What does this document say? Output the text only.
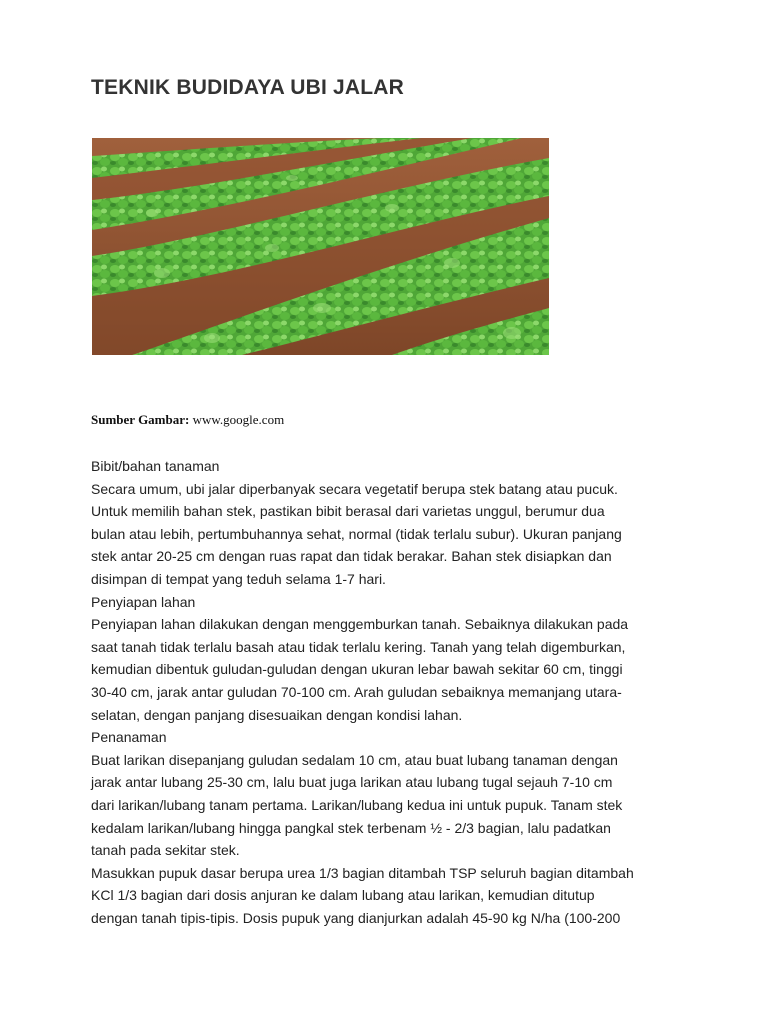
TEKNIK BUDIDAYA UBI JALAR
Sumber Gambar: www.google.com
Bibit/bahan tanaman
Secara umum, ubi jalar diperbanyak secara vegetatif berupa stek batang atau pucuk.
Untuk memilih bahan stek, pastikan bibit berasal dari varietas unggul, berumur dua
bulan atau lebih, pertumbuhannya sehat, normal (tidak terlalu subur). Ukuran panjang
stek antar 20-25 cm dengan ruas rapat dan tidak berakar. Bahan stek disiapkan dan
disimpan di tempat yang teduh selama 1-7 hari.
Penyiapan lahan
Penyiapan lahan dilakukan dengan menggemburkan tanah. Sebaiknya dilakukan pada
saat tanah tidak terlalu basah atau tidak terlalu kering. Tanah yang telah digemburkan,
kemudian dibentuk guludan-guludan dengan ukuran lebar bawah sekitar 60 cm, tinggi
30-40 cm, jarak antar guludan 70-100 cm. Arah guludan sebaiknya memanjang utara-
selatan, dengan panjang disesuaikan dengan kondisi lahan.
Penanaman
Buat larikan disepanjang guludan sedalam 10 cm, atau buat lubang tanaman dengan
jarak antar lubang 25-30 cm, lalu buat juga larikan atau lubang tugal sejauh 7-10 cm
dari larikan/lubang tanam pertama. Larikan/lubang kedua ini untuk pupuk. Tanam stek
kedalam larikan/lubang hingga pangkal stek terbenam ½ - 2/3 bagian, lalu padatkan
tanah pada sekitar stek.
Masukkan pupuk dasar berupa urea 1/3 bagian ditambah TSP seluruh bagian ditambah
KCl 1/3 bagian dari dosis anjuran ke dalam lubang atau larikan, kemudian ditutup
dengan tanah tipis-tipis. Dosis pupuk yang dianjurkan adalah 45-90 kg N/ha (100-200
